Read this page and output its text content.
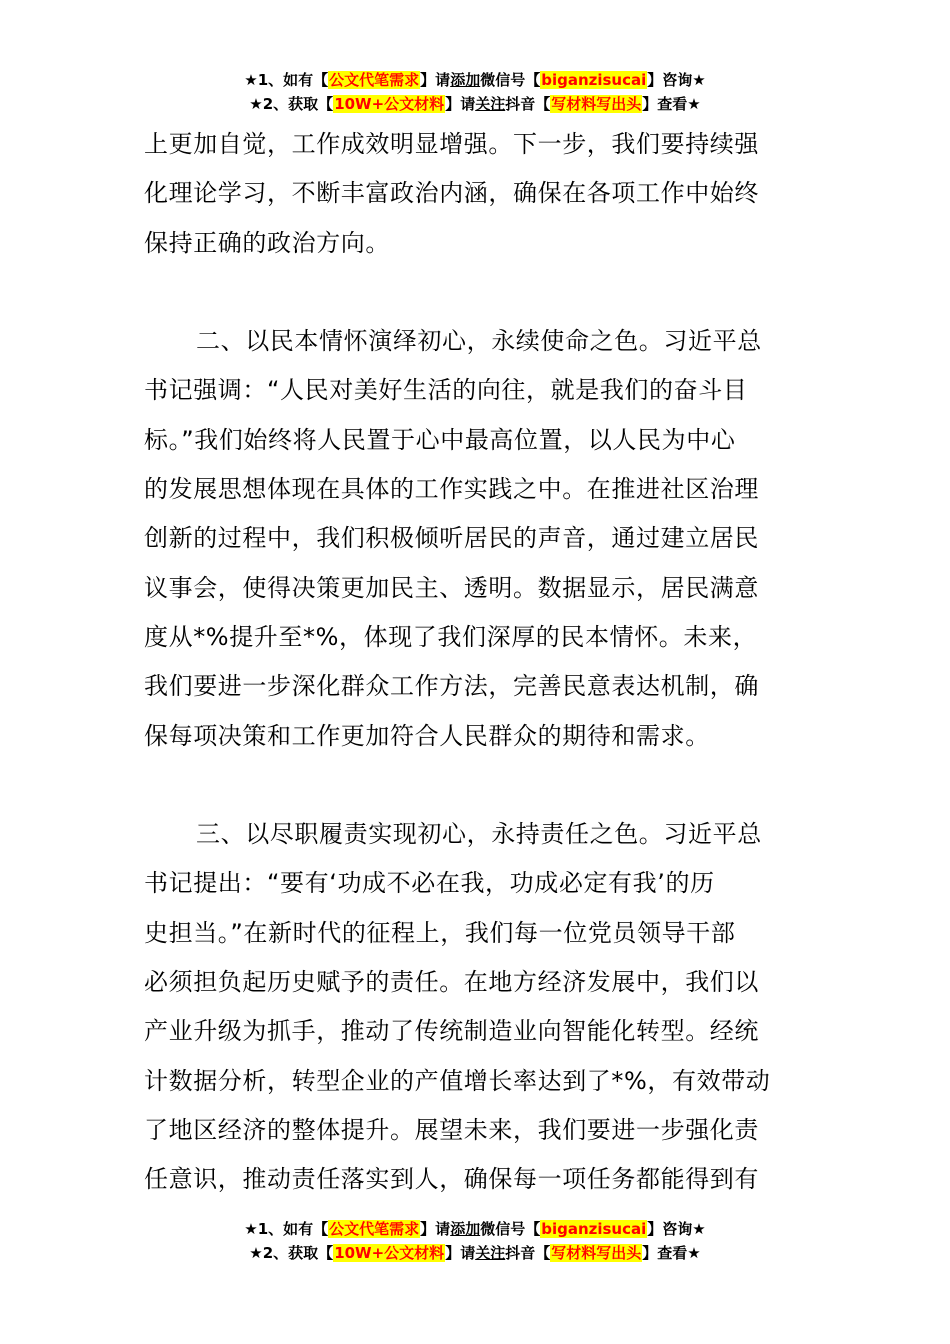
★1、如有【公文代笔需求】请添加微信号【biganzisucai】咨询★
★2、获取【10W+公文材料】请关注抖音【写材料写出头】查看★
上更加自觉，工作成效明显增强。下一步，我们要持续强
化理论学习，不断丰富政治内涵，确保在各项工作中始终
保持正确的政治方向。
二、以民本情怀演绎初心，永续使命之色。习近平总
书记强调：“人民对美好生活的向往，就是我们的奋斗目
标。”我们始终将人民置于心中最高位置，以人民为中心
的发展思想体现在具体的工作实践之中。在推进社区治理
创新的过程中，我们积极倾听居民的声音，通过建立居民
议事会，使得决策更加民主、透明。数据显示，居民满意
度从*%提升至*%，体现了我们深厚的民本情怀。未来，
我们要进一步深化群众工作方法，完善民意表达机制，确
保每项决策和工作更加符合人民群众的期待和需求。
三、以尽职履责实现初心，永持责任之色。习近平总
书记提出：“要有‘功成不必在我，功成必定有我’的历
史担当。”在新时代的征程上，我们每一位党员领导干部
必须担负起历史赋予的责任。在地方经济发展中，我们以
产业升级为抓手，推动了传统制造业向智能化转型。经统
计数据分析，转型企业的产值增长率达到了*%，有效带动
了地区经济的整体提升。展望未来，我们要进一步强化责
任意识，推动责任落实到人，确保每一项任务都能得到有
★1、如有【公文代笔需求】请添加微信号【biganzisucai】咨询★
★2、获取【10W+公文材料】请关注抖音【写材料写出头】查看★
